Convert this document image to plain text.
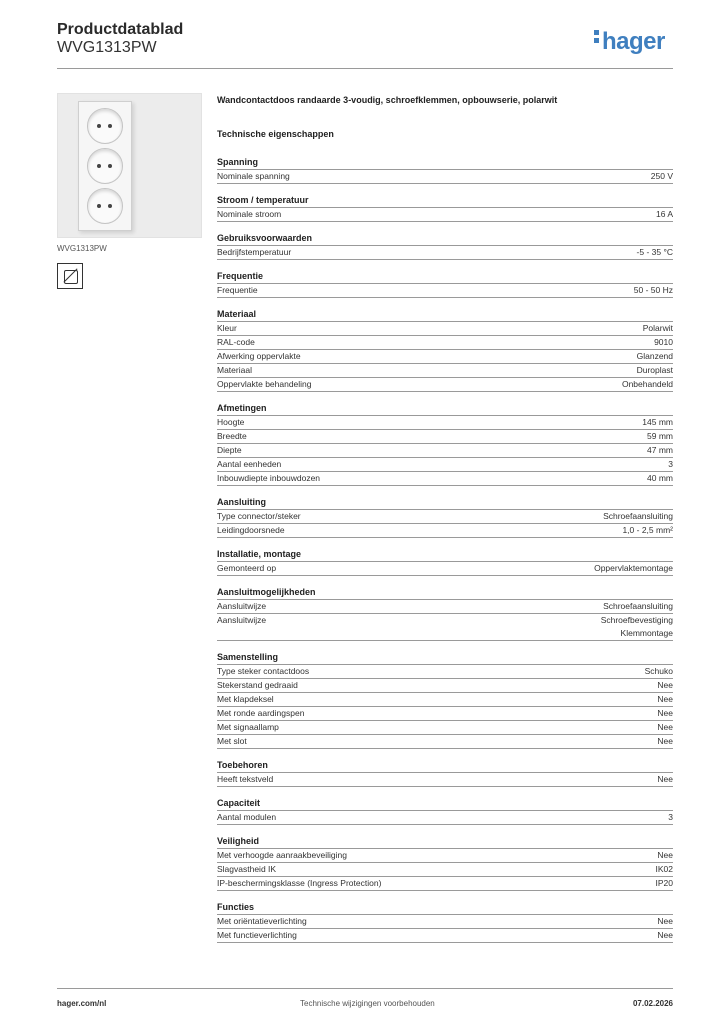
Productdatablad
WVG1313PW	hager
WVG1313PW
Wandcontactdoos randaarde 3-voudig, schroefklemmen, opbouwserie, polarwit
Technische eigenschappen
Spanning
Nominale spanning	250 V
Stroom / temperatuur
Nominale stroom	16 A
Gebruiksvoorwaarden
Bedrijfstemperatuur	-5 - 35 °C
Frequentie
Frequentie	50 - 50 Hz
Materiaal
Kleur	Polarwit
RAL-code	9010
Afwerking oppervlakte	Glanzend
Materiaal	Duroplast
Oppervlakte behandeling	Onbehandeld
Afmetingen
Hoogte	145 mm
Breedte	59 mm
Diepte	47 mm
Aantal eenheden	3
Inbouwdiepte inbouwdozen	40 mm
Aansluiting
Type connector/steker	Schroefaansluiting
Leidingdoorsnede	1,0 - 2,5 mm²
Installatie, montage
Gemonteerd op	Oppervlaktemontage
Aansluitmogelijkheden
Aansluitwijze	Schroefaansluiting
Aansluitwijze	Schroefbevestiging
Klemmontage
Samenstelling
Type steker contactdoos	Schuko
Stekerstand gedraaid	Nee
Met klapdeksel	Nee
Met ronde aardingspen	Nee
Met signaallamp	Nee
Met slot	Nee
Toebehoren
Heeft tekstveld	Nee
Capaciteit
Aantal modulen	3
Veiligheid
Met verhoogde aanraakbeveiliging	Nee
Slagvastheid IK	IK02
IP-beschermingsklasse (Ingress Protection)	IP20
Functies
Met oriëntatieverlichting	Nee
Met functieverlichting	Nee
hager.com/nl	Technische wijzigingen voorbehouden	07.02.2026
